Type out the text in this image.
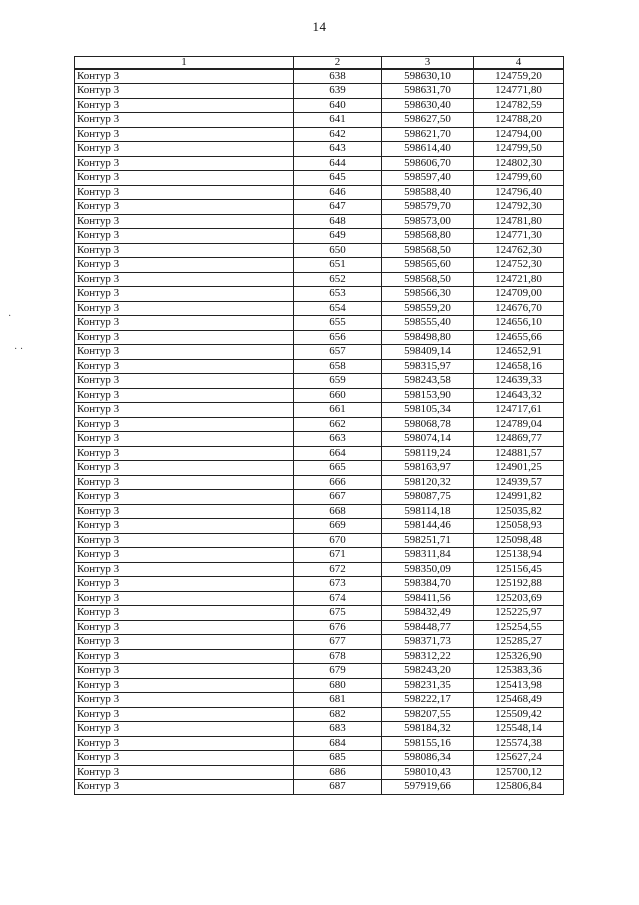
14
·
· ·
1	2	3	4
Контур 3	638	598630,10	124759,20
Контур 3	639	598631,70	124771,80
Контур 3	640	598630,40	124782,59
Контур 3	641	598627,50	124788,20
Контур 3	642	598621,70	124794,00
Контур 3	643	598614,40	124799,50
Контур 3	644	598606,70	124802,30
Контур 3	645	598597,40	124799,60
Контур 3	646	598588,40	124796,40
Контур 3	647	598579,70	124792,30
Контур 3	648	598573,00	124781,80
Контур 3	649	598568,80	124771,30
Контур 3	650	598568,50	124762,30
Контур 3	651	598565,60	124752,30
Контур 3	652	598568,50	124721,80
Контур 3	653	598566,30	124709,00
Контур 3	654	598559,20	124676,70
Контур 3	655	598555,40	124656,10
Контур 3	656	598498,80	124655,66
Контур 3	657	598409,14	124652,91
Контур 3	658	598315,97	124658,16
Контур 3	659	598243,58	124639,33
Контур 3	660	598153,90	124643,32
Контур 3	661	598105,34	124717,61
Контур 3	662	598068,78	124789,04
Контур 3	663	598074,14	124869,77
Контур 3	664	598119,24	124881,57
Контур 3	665	598163,97	124901,25
Контур 3	666	598120,32	124939,57
Контур 3	667	598087,75	124991,82
Контур 3	668	598114,18	125035,82
Контур 3	669	598144,46	125058,93
Контур 3	670	598251,71	125098,48
Контур 3	671	598311,84	125138,94
Контур 3	672	598350,09	125156,45
Контур 3	673	598384,70	125192,88
Контур 3	674	598411,56	125203,69
Контур 3	675	598432,49	125225,97
Контур 3	676	598448,77	125254,55
Контур 3	677	598371,73	125285,27
Контур 3	678	598312,22	125326,90
Контур 3	679	598243,20	125383,36
Контур 3	680	598231,35	125413,98
Контур 3	681	598222,17	125468,49
Контур 3	682	598207,55	125509,42
Контур 3	683	598184,32	125548,14
Контур 3	684	598155,16	125574,38
Контур 3	685	598086,34	125627,24
Контур 3	686	598010,43	125700,12
Контур 3	687	597919,66	125806,84
